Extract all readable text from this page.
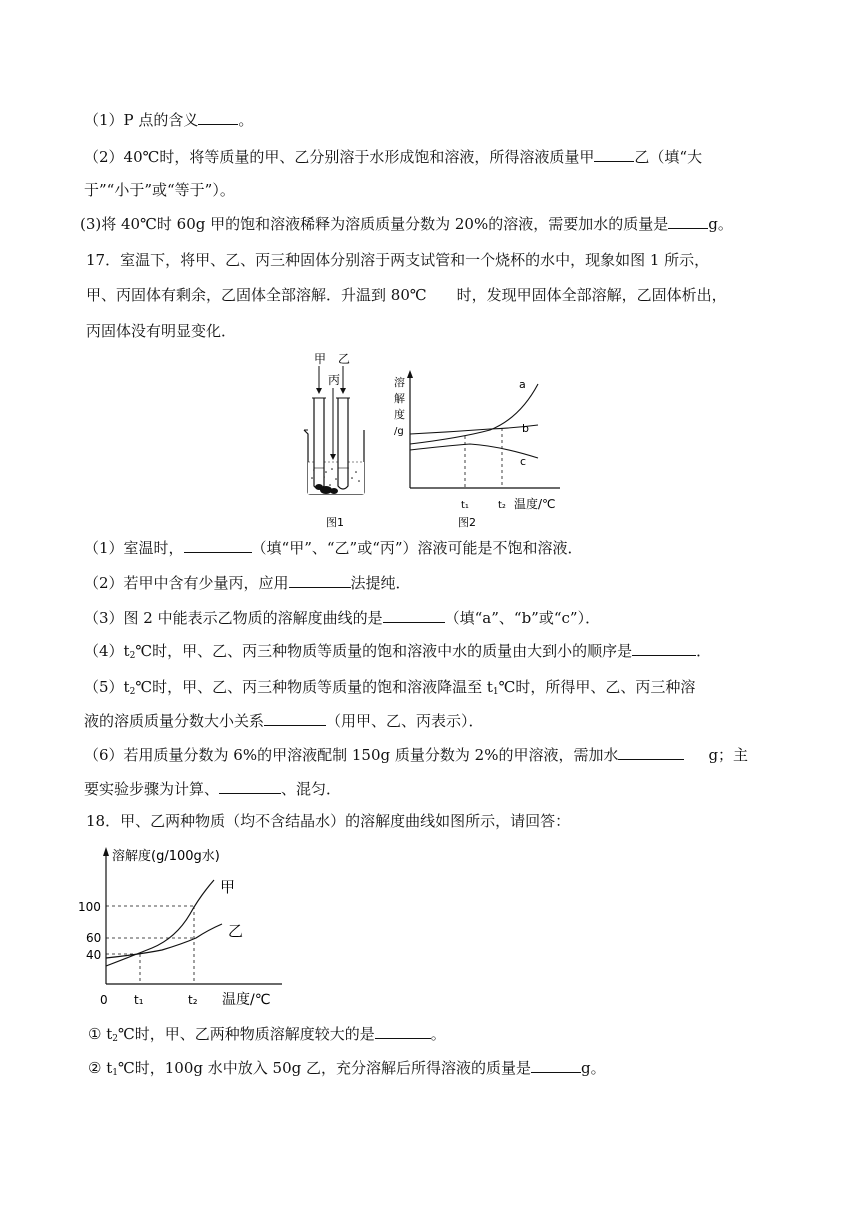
（1）P 点的含义	。
（2）40℃时，将等质量的甲、乙分别溶于水形成饱和溶液，所得溶液质量甲	乙（填“大
于”“小于”或“等于”）。
(3)将 40℃时 60g 甲的饱和溶液稀释为溶质质量分数为 20%的溶液，需要加水的质量是	g。
17．室温下，将甲、乙、丙三种固体分别溶于两支试管和一个烧杯的水中，现象如图 1 所示，
甲、丙固体有剩余，乙固体全部溶解．升温到 80℃　　时，发现甲固体全部溶解，乙固体析出，
丙固体没有明显变化．
甲 乙
丙
图1
溶
解
度
/g
a
b
c
t₁	t₂ 温度/℃
图2
（1）室温时，	（填“甲”、“乙”或“丙”）溶液可能是不饱和溶液．
（2）若甲中含有少量丙，应用	法提纯．
（3）图 2 中能表示乙物质的溶解度曲线的是	（填“a”、“b”或“c”）．
$(4)t_2℃$时，甲、乙、丙三种物质等质量的饱和溶液中水的质量由大到小的顺序是	．
$(5)t_2℃$时，甲、乙、丙三种物质等质量的饱和溶液降温至 $t_1℃$时，所得甲、乙、丙三种溶
液的溶质质量分数大小关系	（用甲、乙、丙表示）．
（6）若用质量分数为 6%的甲溶液配制 150g 质量分数为 2%的甲溶液，需加水	g；主
要实验步骤为计算、	、混匀．
18．甲、乙两种物质（均不含结晶水）的溶解度曲线如图所示，请回答：
溶解度(g/100g水)
甲
乙
100
60
40
0 t₁	t₂ 温度/℃
① $t_2℃$时，甲、乙两种物质溶解度较大的是	。
② $t_1℃$时，100g 水中放入 50g 乙，充分溶解后所得溶液的质量是	g。
